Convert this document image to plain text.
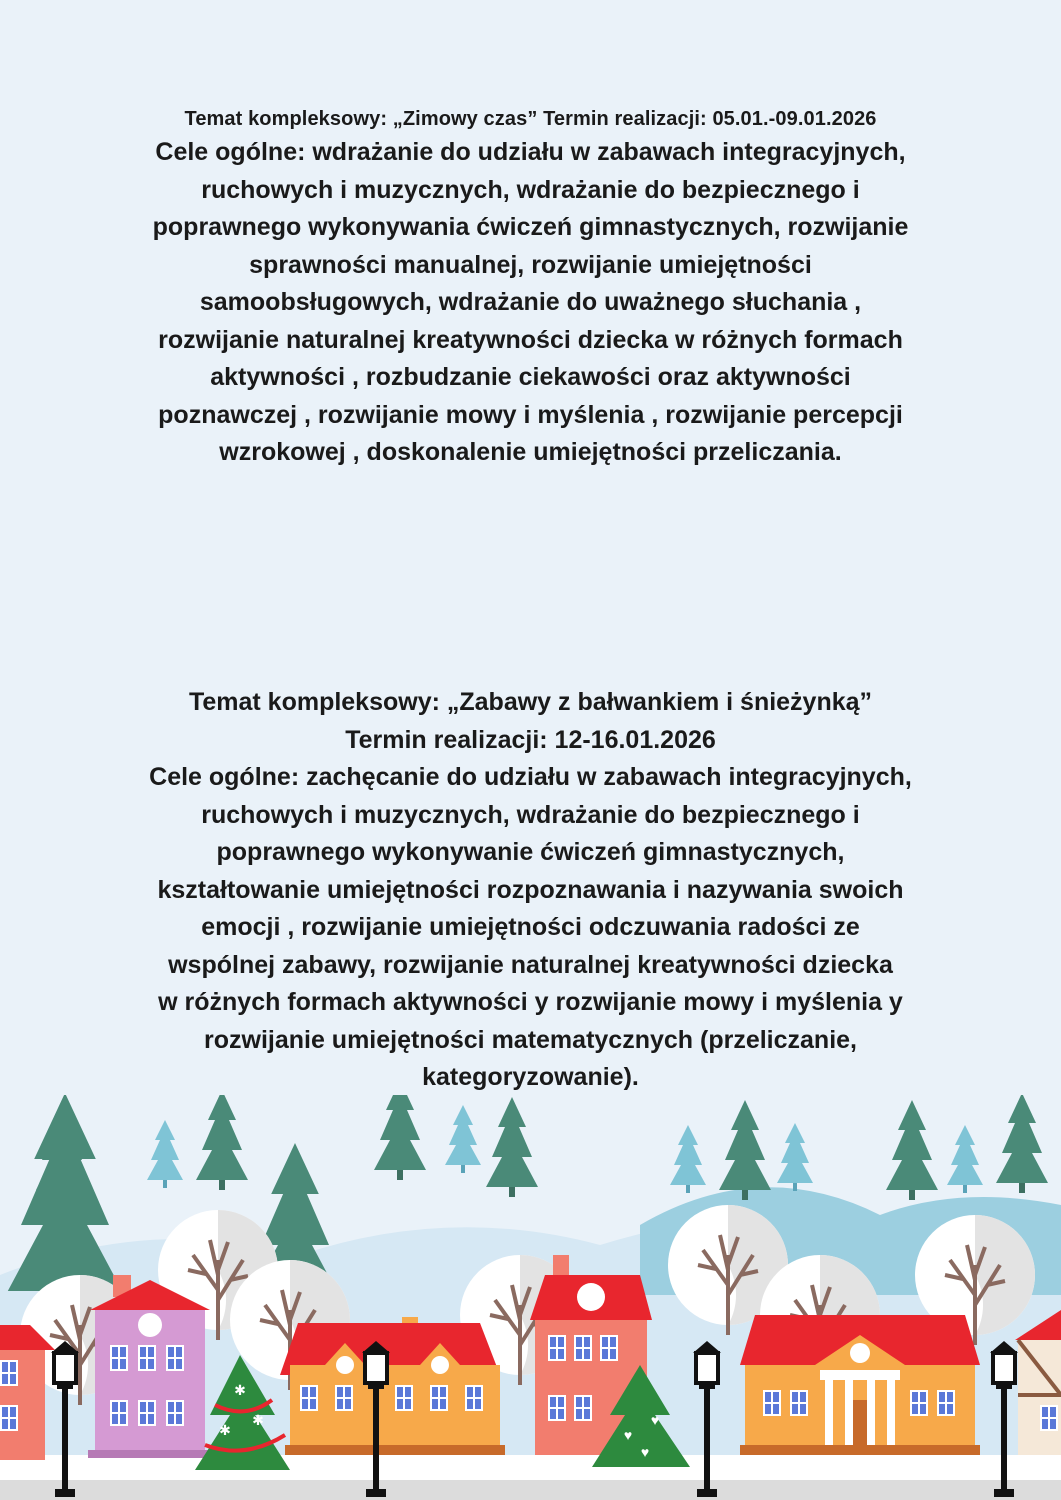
Temat kompleksowy: „Zimowy czas” Termin realizacji: 05.01.-09.01.2026

Cele ogólne: wdrażanie do udziału w zabawach integracyjnych,
ruchowych i muzycznych, wdrażanie do bezpiecznego i
poprawnego wykonywania ćwiczeń gimnastycznych, rozwijanie
sprawności manualnej, rozwijanie umiejętności
samoobsługowych, wdrażanie do uważnego słuchania ,
rozwijanie naturalnej kreatywności dziecka w różnych formach
aktywności , rozbudzanie ciekawości oraz aktywności
poznawczej , rozwijanie mowy i myślenia , rozwijanie percepcji
wzrokowej , doskonalenie umiejętności przeliczania.

Temat kompleksowy: „Zabawy z bałwankiem i śnieżynką”
Termin realizacji: 12-16.01.2026

Cele ogólne: zachęcanie do udziału w zabawach integracyjnych,
ruchowych i muzycznych, wdrażanie do bezpiecznego i
poprawnego wykonywanie ćwiczeń gimnastycznych,
kształtowanie umiejętności rozpoznawania i nazywania swoich
emocji , rozwijanie umiejętności odczuwania radości ze
wspólnej zabawy, rozwijanie naturalnej kreatywności dziecka
w różnych formach aktywności y rozwijanie mowy i myślenia y
rozwijanie umiejętności matematycznych (przeliczanie,
kategoryzowanie).

✱
✱
✱
♥
♥
♥
